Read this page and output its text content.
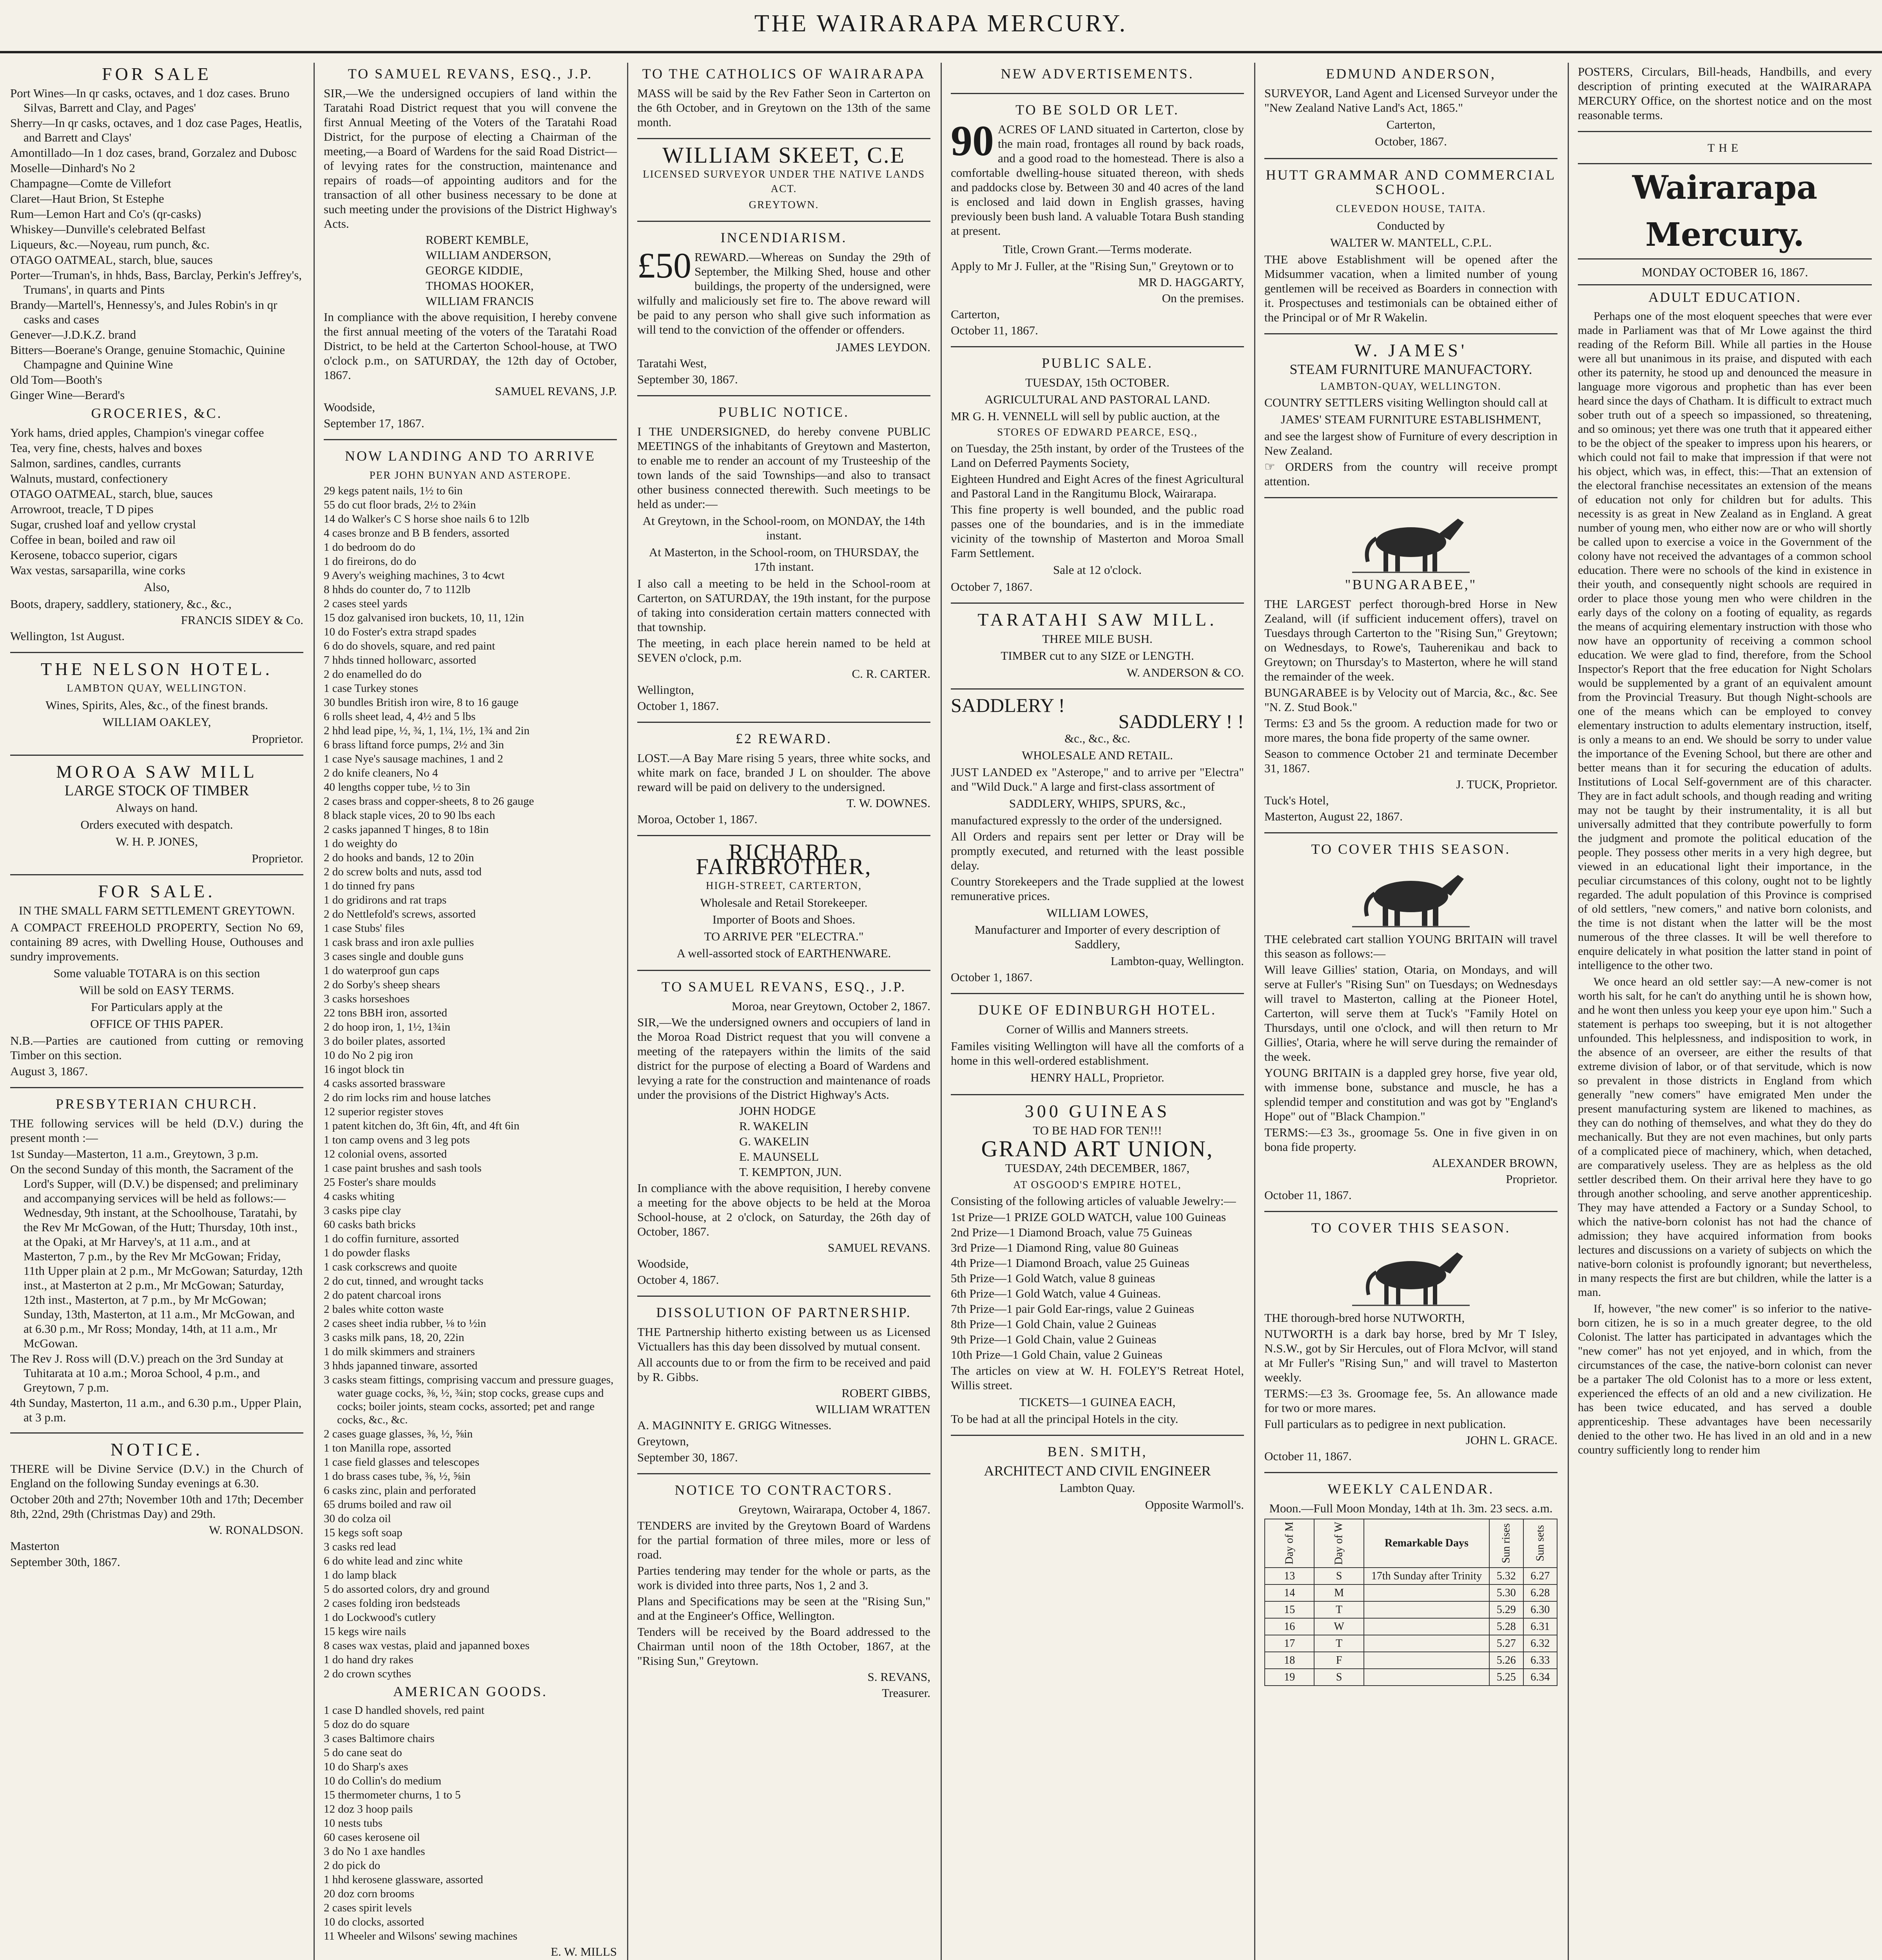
THE WAIRARAPA MERCURY.
FOR SALE
Port Wines—In qr casks, octaves, and 1 doz cases. Bruno Silvas, Barrett and Clay, and Pages'
Sherry—In qr casks, octaves, and 1 doz case Pages, Heatlis, and Barrett and Clays'
Amontillado—In 1 doz cases, brand, Gorzalez and Dubosc
Moselle—Dinhard's No 2
Champagne—Comte de Villefort
Claret—Haut Brion, St Estephe
Rum—Lemon Hart and Co's (qr-casks)
Whiskey—Dunville's celebrated Belfast
Liqueurs, &c.—Noyeau, rum punch, &c.
OTAGO OATMEAL, starch, blue, sauces
Porter—Truman's, in hhds, Bass, Barclay, Perkin's Jeffrey's, Trumans', in quarts and Pints
Brandy—Martell's, Hennessy's, and Jules Robin's in qr casks and cases
Genever—J.D.K.Z. brand
Bitters—Boerane's Orange, genuine Stomachic, Quinine Champagne and Quinine Wine
Old Tom—Booth's
Ginger Wine—Berard's
GROCERIES, &C.
York hams, dried apples, Champion's vinegar coffee
Tea, very fine, chests, halves and boxes
Salmon, sardines, candles, currants
Walnuts, mustard, confectionery
OTAGO OATMEAL, starch, blue, sauces
Arrowroot, treacle, T D pipes
Sugar, crushed loaf and yellow crystal
Coffee in bean, boiled and raw oil
Kerosene, tobacco superior, cigars
Wax vestas, sarsaparilla, wine corks
Also,
Boots, drapery, saddlery, stationery, &c., &c.,
FRANCIS SIDEY & Co.
Wellington, 1st August.
THE NELSON HOTEL.
LAMBTON QUAY, WELLINGTON.
Wines, Spirits, Ales, &c., of the finest brands.
WILLIAM OAKLEY,
Proprietor.
MOROA SAW MILL
LARGE STOCK OF TIMBER
Always on hand.
Orders executed with despatch.
W. H. P. JONES,
Proprietor.
FOR SALE.
IN THE SMALL FARM SETTLEMENT GREYTOWN.
A COMPACT FREEHOLD PROPERTY, Section No 69, containing 89 acres, with Dwelling House, Outhouses and sundry improvements.
Some valuable TOTARA is on this section
Will be sold on EASY TERMS.
For Particulars apply at the
OFFICE OF THIS PAPER.
N.B.—Parties are cautioned from cutting or removing Timber on this section.
August 3, 1867.
PRESBYTERIAN CHURCH.
THE following services will be held (D.V.) during the present month :—
1st Sunday—Masterton, 11 a.m., Greytown, 3 p.m.
On the second Sunday of this month, the Sacrament of the Lord's Supper, will (D.V.) be dispensed; and preliminary and accompanying services will be held as follows:—Wednesday, 9th instant, at the Schoolhouse, Taratahi, by the Rev Mr McGowan, of the Hutt; Thursday, 10th inst., at the Opaki, at Mr Harvey's, at 11 a.m., and at Masterton, 7 p.m., by the Rev Mr McGowan; Friday, 11th Upper plain at 2 p.m., Mr McGowan; Saturday, 12th inst., at Masterton at 2 p.m., Mr McGowan; Saturday, 12th inst., Masterton, at 7 p.m., by Mr McGowan; Sunday, 13th, Masterton, at 11 a.m., Mr McGowan, and at 6.30 p.m., Mr Ross; Monday, 14th, at 11 a.m., Mr McGowan.
The Rev J. Ross will (D.V.) preach on the 3rd Sunday at Tuhitarata at 10 a.m.; Moroa School, 4 p.m., and Greytown, 7 p.m.
4th Sunday, Masterton, 11 a.m., and 6.30 p.m., Upper Plain, at 3 p.m.
NOTICE.
THERE will be Divine Service (D.V.) in the Church of England on the following Sunday evenings at 6.30.
October 20th and 27th; November 10th and 17th; December 8th, 22nd, 29th (Christmas Day) and 29th.
W. RONALDSON.
Masterton
September 30th, 1867.
TO SAMUEL REVANS, ESQ., J.P.
SIR,—We the undersigned occupiers of land within the Taratahi Road District request that you will convene the first Annual Meeting of the Voters of the Taratahi Road District, for the purpose of electing a Chairman of the meeting,—a Board of Wardens for the said Road District—of levying rates for the construction, maintenance and repairs of roads—of appointing auditors and for the transaction of all other business necessary to be done at such meeting under the provisions of the District Highway's Acts.
ROBERT KEMBLE,
WILLIAM ANDERSON,
GEORGE KIDDIE,
THOMAS HOOKER,
WILLIAM FRANCIS
In compliance with the above requisition, I hereby convene the first annual meeting of the voters of the Taratahi Road District, to be held at the Carterton School-house, at TWO o'clock p.m., on SATURDAY, the 12th day of October, 1867.
SAMUEL REVANS, J.P.
Woodside,
September 17, 1867.
NOW LANDING AND TO ARRIVE
PER JOHN BUNYAN AND ASTEROPE.
29 kegs patent nails, 1½ to 6in
55 do cut floor brads, 2½ to 2¾in
14 do Walker's C S horse shoe nails 6 to 12lb
4 cases bronze and B B fenders, assorted
1 do bedroom do do
1 do fireirons, do do
9 Avery's weighing machines, 3 to 4cwt
8 hhds do counter do, 7 to 112lb
2 cases steel yards
15 doz galvanised iron buckets, 10, 11, 12in
10 do Foster's extra strapd spades
6 do do shovels, square, and red paint
7 hhds tinned hollowarc, assorted
2 do enamelled do do
1 case Turkey stones
30 bundles British iron wire, 8 to 16 gauge
6 rolls sheet lead, 4, 4½ and 5 lbs
2 hhd lead pipe, ½, ¾, 1, 1¼, 1½, 1¾ and 2in
6 brass liftand force pumps, 2½ and 3in
1 case Nye's sausage machines, 1 and 2
2 do knife cleaners, No 4
40 lengths copper tube, ½ to 3in
2 cases brass and copper-sheets, 8 to 26 gauge
8 black staple vices, 20 to 90 lbs each
2 casks japanned T hinges, 8 to 18in
1 do weighty do
2 do hooks and bands, 12 to 20in
2 do screw bolts and nuts, assd tod
1 do tinned fry pans
1 do gridirons and rat traps
2 do Nettlefold's screws, assorted
1 case Stubs' files
1 cask brass and iron axle pullies
3 cases single and double guns
1 do waterproof gun caps
2 do Sorby's sheep shears
3 casks horseshoes
22 tons BBH iron, assorted
2 do hoop iron, 1, 1½, 1¾in
3 do boiler plates, assorted
10 do No 2 pig iron
16 ingot block tin
4 casks assorted brassware
2 do rim locks rim and house latches
12 superior register stoves
1 patent kitchen do, 3ft 6in, 4ft, and 4ft 6in
1 ton camp ovens and 3 leg pots
12 colonial ovens, assorted
1 case paint brushes and sash tools
25 Foster's share moulds
4 casks whiting
3 casks pipe clay
60 casks bath bricks
1 do coffin furniture, assorted
1 do powder flasks
1 cask corkscrews and quoite
2 do cut, tinned, and wrought tacks
2 do patent charcoal irons
2 bales white cotton waste
2 cases sheet india rubber, ⅛ to ½in
3 casks milk pans, 18, 20, 22in
1 do milk skimmers and strainers
3 hhds japanned tinware, assorted
3 casks steam fittings, comprising vaccum and pressure guages, water guage cocks, ⅜, ½, ¾in; stop cocks, grease cups and cocks; boiler joints, steam cocks, assorted; pet and range cocks, &c., &c.
2 cases guage glasses, ⅜, ½, ⅝in
1 ton Manilla rope, assorted
1 case field glasses and telescopes
1 do brass cases tube, ⅜, ½, ⅝in
6 casks zinc, plain and perforated
65 drums boiled and raw oil
30 do colza oil
15 kegs soft soap
3 casks red lead
6 do white lead and zinc white
1 do lamp black
5 do assorted colors, dry and ground
2 cases folding iron bedsteads
1 do Lockwood's cutlery
15 kegs wire nails
8 cases wax vestas, plaid and japanned boxes
1 do hand dry rakes
2 do crown scythes
AMERICAN GOODS.
1 case D handled shovels, red paint
5 doz do do square
3 cases Baltimore chairs
5 do cane seat do
10 do Sharp's axes
10 do Collin's do medium
15 thermometer churns, 1 to 5
12 doz 3 hoop pails
10 nests tubs
60 cases kerosene oil
3 do No 1 axe handles
2 do pick do
1 hhd kerosene glassware, assorted
20 doz corn brooms
2 cases spirit levels
10 do clocks, assorted
11 Wheeler and Wilsons' sewing machines
E. W. MILLS
TO THE CATHOLICS OF WAIRARAPA
MASS will be said by the Rev Father Seon in Carterton on the 6th October, and in Greytown on the 13th of the same month.
WILLIAM SKEET, C.E
LICENSED SURVEYOR UNDER THE NATIVE LANDS ACT.
GREYTOWN.
INCENDIARISM.
£50 REWARD.—Whereas on Sunday the 29th of September, the Milking Shed, house and other buildings, the property of the undersigned, were wilfully and maliciously set fire to. The above reward will be paid to any person who shall give such information as will tend to the conviction of the offender or offenders.
JAMES LEYDON.
Taratahi West,
September 30, 1867.
PUBLIC NOTICE.
I THE UNDERSIGNED, do hereby convene PUBLIC MEETINGS of the inhabitants of Greytown and Masterton, to enable me to render an account of my Trusteeship of the town lands of the said Townships—and also to transact other business connected therewith. Such meetings to be held as under:—
At Greytown, in the School-room, on MONDAY, the 14th instant.
At Masterton, in the School-room, on THURSDAY, the 17th instant.
I also call a meeting to be held in the School-room at Carterton, on SATURDAY, the 19th instant, for the purpose of taking into consideration certain matters connected with that township.
The meeting, in each place herein named to be held at SEVEN o'clock, p.m.
C. R. CARTER.
Wellington,
October 1, 1867.
£2 REWARD.
LOST.—A Bay Mare rising 5 years, three white socks, and white mark on face, branded J L on shoulder. The above reward will be paid on delivery to the undersigned.
T. W. DOWNES.
Moroa, October 1, 1867.
RICHARD FAIRBROTHER,
HIGH-STREET, CARTERTON,
Wholesale and Retail Storekeeper.
Importer of Boots and Shoes.
TO ARRIVE PER "ELECTRA."
A well-assorted stock of EARTHENWARE.
TO SAMUEL REVANS, ESQ., J.P.
Moroa, near Greytown, October 2, 1867.
SIR,—We the undersigned owners and occupiers of land in the Moroa Road District request that you will convene a meeting of the ratepayers within the limits of the said district for the purpose of electing a Board of Wardens and levying a rate for the construction and maintenance of roads under the provisions of the District Highway's Acts.
JOHN HODGE
R. WAKELIN
G. WAKELIN
E. MAUNSELL
T. KEMPTON, JUN.
In compliance with the above requisition, I hereby convene a meeting for the above objects to be held at the Moroa School-house, at 2 o'clock, on Saturday, the 26th day of October, 1867.
SAMUEL REVANS.
Woodside,
October 4, 1867.
DISSOLUTION OF PARTNERSHIP.
THE Partnership hitherto existing between us as Licensed Victuallers has this day been dissolved by mutual consent.
All accounts due to or from the firm to be received and paid by R. Gibbs.
ROBERT GIBBS,
WILLIAM WRATTEN
A. MAGINNITY E. GRIGG Witnesses.
Greytown,
September 30, 1867.
NOTICE TO CONTRACTORS.
Greytown, Wairarapa, October 4, 1867.
TENDERS are invited by the Greytown Board of Wardens for the partial formation of three miles, more or less of road.
Parties tendering may tender for the whole or parts, as the work is divided into three parts, Nos 1, 2 and 3.
Plans and Specifications may be seen at the "Rising Sun," and at the Engineer's Office, Wellington.
Tenders will be received by the Board addressed to the Chairman until noon of the 18th October, 1867, at the "Rising Sun," Greytown.
S. REVANS,
Treasurer.
NEW ADVERTISEMENTS.
TO BE SOLD OR LET.
90 ACRES OF LAND situated in Carterton, close by the main road, frontages all round by back roads, and a good road to the homestead. There is also a comfortable dwelling-house situated thereon, with sheds and paddocks close by. Between 30 and 40 acres of the land is enclosed and laid down in English grasses, having previously been bush land. A valuable Totara Bush standing at present.
Title, Crown Grant.—Terms moderate.
Apply to Mr J. Fuller, at the "Rising Sun," Greytown or to
MR D. HAGGARTY,
On the premises.
Carterton,
October 11, 1867.
PUBLIC SALE.
TUESDAY, 15th OCTOBER.
AGRICULTURAL AND PASTORAL LAND.
MR G. H. VENNELL will sell by public auction, at the
STORES OF EDWARD PEARCE, ESQ.,
on Tuesday, the 25th instant, by order of the Trustees of the Land on Deferred Payments Society,
Eighteen Hundred and Eight Acres of the finest Agricultural and Pastoral Land in the Rangitumu Block, Wairarapa.
This fine property is well bounded, and the public road passes one of the boundaries, and is in the immediate vicinity of the township of Masterton and Moroa Small Farm Settlement.
Sale at 12 o'clock.
October 7, 1867.
TARATAHI SAW MILL.
THREE MILE BUSH.
TIMBER cut to any SIZE or LENGTH.
W. ANDERSON & CO.
SADDLERY !
SADDLERY ! !
&c., &c., &c.
WHOLESALE AND RETAIL.
JUST LANDED ex "Asterope," and to arrive per "Electra" and "Wild Duck." A large and first-class assortment of
SADDLERY, WHIPS, SPURS, &c.,
manufactured expressly to the order of the undersigned.
All Orders and repairs sent per letter or Dray will be promptly executed, and returned with the least possible delay.
Country Storekeepers and the Trade supplied at the lowest remunerative prices.
WILLIAM LOWES,
Manufacturer and Importer of every description of Saddlery,
Lambton-quay, Wellington.
October 1, 1867.
DUKE OF EDINBURGH HOTEL.
Corner of Willis and Manners streets.
Familes visiting Wellington will have all the comforts of a home in this well-ordered establishment.
HENRY HALL, Proprietor.
300 GUINEAS
TO BE HAD FOR TEN!!!
GRAND ART UNION,
TUESDAY, 24th DECEMBER, 1867,
AT OSGOOD'S EMPIRE HOTEL,
Consisting of the following articles of valuable Jewelry:—
1st Prize—1 PRIZE GOLD WATCH, value 100 Guineas
2nd Prize—1 Diamond Broach, value 75 Guineas
3rd Prize—1 Diamond Ring, value 80 Guineas
4th Prize—1 Diamond Broach, value 25 Guineas
5th Prize—1 Gold Watch, value 8 guineas
6th Prize—1 Gold Watch, value 4 Guineas.
7th Prize—1 pair Gold Ear-rings, value 2 Guineas
8th Prize—1 Gold Chain, value 2 Guineas
9th Prize—1 Gold Chain, value 2 Guineas
10th Prize—1 Gold Chain, value 2 Guineas
The articles on view at W. H. FOLEY'S Retreat Hotel, Willis street.
TICKETS—1 GUINEA EACH,
To be had at all the principal Hotels in the city.
BEN. SMITH,
ARCHITECT AND CIVIL ENGINEER
Lambton Quay.
Opposite Warmoll's.
EDMUND ANDERSON,
SURVEYOR, Land Agent and Licensed Surveyor under the "New Zealand Native Land's Act, 1865."
Carterton,
October, 1867.
HUTT GRAMMAR AND COMMERCIAL SCHOOL.
CLEVEDON HOUSE, TAITA.
Conducted by
WALTER W. MANTELL, C.P.L.
THE above Establishment will be opened after the Midsummer vacation, when a limited number of young gentlemen will be received as Boarders in connection with it. Prospectuses and testimonials can be obtained either of the Principal or of Mr R Wakelin.
W. JAMES'
STEAM FURNITURE MANUFACTORY.
LAMBTON-QUAY, WELLINGTON.
COUNTRY SETTLERS visiting Wellington should call at
JAMES' STEAM FURNITURE ESTABLISHMENT,
and see the largest show of Furniture of every description in New Zealand.
☞ ORDERS from the country will receive prompt attention.
"BUNGARABEE,"
THE LARGEST perfect thorough-bred Horse in New Zealand, will (if sufficient inducement offers), travel on Tuesdays through Carterton to the "Rising Sun," Greytown; on Wednesdays, to Rowe's, Tauherenikau and back to Greytown; on Thursday's to Masterton, where he will stand the remainder of the week.
BUNGARABEE is by Velocity out of Marcia, &c., &c. See "N. Z. Stud Book."
Terms: £3 and 5s the groom. A reduction made for two or more mares, the bona fide property of the same owner.
Season to commence October 21 and terminate December 31, 1867.
J. TUCK, Proprietor.
Tuck's Hotel,
Masterton, August 22, 1867.
TO COVER THIS SEASON.
THE celebrated cart stallion YOUNG BRITAIN will travel this season as follows:—
Will leave Gillies' station, Otaria, on Mondays, and will serve at Fuller's "Rising Sun" on Tuesdays; on Wednesdays will travel to Masterton, calling at the Pioneer Hotel, Carterton, will serve them at Tuck's "Family Hotel on Thursdays, until one o'clock, and will then return to Mr Gillies', Otaria, where he will serve during the remainder of the week.
YOUNG BRITAIN is a dappled grey horse, five year old, with immense bone, substance and muscle, he has a splendid temper and constitution and was got by "England's Hope" out of "Black Champion."
TERMS:—£3 3s., groomage 5s. One in five given in on bona fide property.
ALEXANDER BROWN,
Proprietor.
October 11, 1867.
TO COVER THIS SEASON.
THE thorough-bred horse NUTWORTH,
NUTWORTH is a dark bay horse, bred by Mr T Isley, N.S.W., got by Sir Hercules, out of Flora McIvor, will stand at Mr Fuller's "Rising Sun," and will travel to Masterton weekly.
TERMS:—£3 3s. Groomage fee, 5s. An allowance made for two or more mares.
Full particulars as to pedigree in next publication.
JOHN L. GRACE.
October 11, 1867.
WEEKLY CALENDAR.
Moon.—Full Moon Monday, 14th at 1h. 3m. 23 secs. a.m.
Day of M	Day of W	Remarkable Days	Sun rises	Sun sets
13	S	17th Sunday after Trinity	5.32	6.27
14	M		5.30	6.28
15	T		5.29	6.30
16	W		5.28	6.31
17	T		5.27	6.32
18	F		5.26	6.33
19	S		5.25	6.34
POSTERS, Circulars, Bill-heads, Handbills, and every description of printing executed at the WAIRARAPA MERCURY Office, on the shortest notice and on the most reasonable terms.
THE
Wairarapa Mercury.
MONDAY OCTOBER 16, 1867.
ADULT EDUCATION.

Perhaps one of the most eloquent speeches that were ever made in Parliament was that of Mr Lowe against the third reading of the Reform Bill. While all parties in the House were all but unanimous in its praise, and disputed with each other its paternity, he stood up and denounced the measure in language more vigorous and prophetic than has ever been heard since the days of Chatham. It is difficult to extract much sober truth out of a speech so impassioned, so threatening, and so ominous; yet there was one truth that it appeared either to be the object of the speaker to impress upon his hearers, or which could not fail to make that impression if that were not his object, which was, in effect, this:—That an extension of the electoral franchise necessitates an extension of the means of education not only for children but for adults. This necessity is as great in New Zealand as in England. A great number of young men, who either now are or who will shortly be called upon to exercise a voice in the Government of the colony have not received the advantages of a common school education. There were no schools of the kind in existence in their youth, and consequently night schools are required in order to place those young men who were children in the early days of the colony on a footing of equality, as regards the means of acquiring elementary instruction with those who now have an opportunity of receiving a common school education. We were glad to find, therefore, from the School Inspector's Report that the free education for Night Scholars would be supplemented by a grant of an equivalent amount from the Provincial Treasury. But though Night-schools are one of the means which can be employed to convey elementary instruction to adults elementary instruction, itself, is only a means to an end. We should be sorry to under value the importance of the Evening School, but there are other and better means than it for securing the education of adults. Institutions of Local Self-government are of this character. They are in fact adult schools, and though reading and writing may not be taught by their instrumentality, it is all but universally admitted that they contribute powerfully to form the judgment and promote the political education of the people. They possess other merits in a very high degree, but viewed in an educational light their importance, in the peculiar circumstances of this colony, ought not to be lightly regarded. The adult population of this Province is comprised of old settlers, "new comers," and native born colonists, and the time is not distant when the latter will be the most numerous of the three classes. It will be well therefore to enquire delicately in what position the latter stand in point of intelligence to the other two.

We once heard an old settler say:—A new-comer is not worth his salt, for he can't do anything until he is shown how, and he wont then unless you keep your eye upon him." Such a statement is perhaps too sweeping, but it is not altogether unfounded. This helplessness, and indisposition to work, in the absence of an overseer, are either the results of that extreme division of labor, or of that servitude, which is now so prevalent in those districts in England from which generally "new comers" have emigrated Men under the present manufacturing system are likened to machines, as they can do nothing of themselves, and what they do they do mechanically. But they are not even machines, but only parts of a complicated piece of machinery, which, when detached, are comparatively useless. They are as helpless as the old settler described them. On their arrival here they have to go through another schooling, and serve another apprenticeship. They may have attended a Factory or a Sunday School, to which the native-born colonist has not had the chance of admission; they have acquired information from books lectures and discussions on a variety of subjects on which the native-born colonist is profoundly ignorant; but nevertheless, in many respects the first are but children, while the latter is a man.

If, however, "the new comer" is so inferior to the native-born citizen, he is so in a much greater degree, to the old Colonist. The latter has participated in advantages which the "new comer" has not yet enjoyed, and in which, from the circumstances of the case, the native-born colonist can never be a partaker The old Colonist has to a more or less extent, experienced the effects of an old and a new civilization. He has been twice educated, and has served a double apprenticeship. These advantages have been necessarily denied to the other two. He has lived in an old and in a new country sufficiently long to render him
